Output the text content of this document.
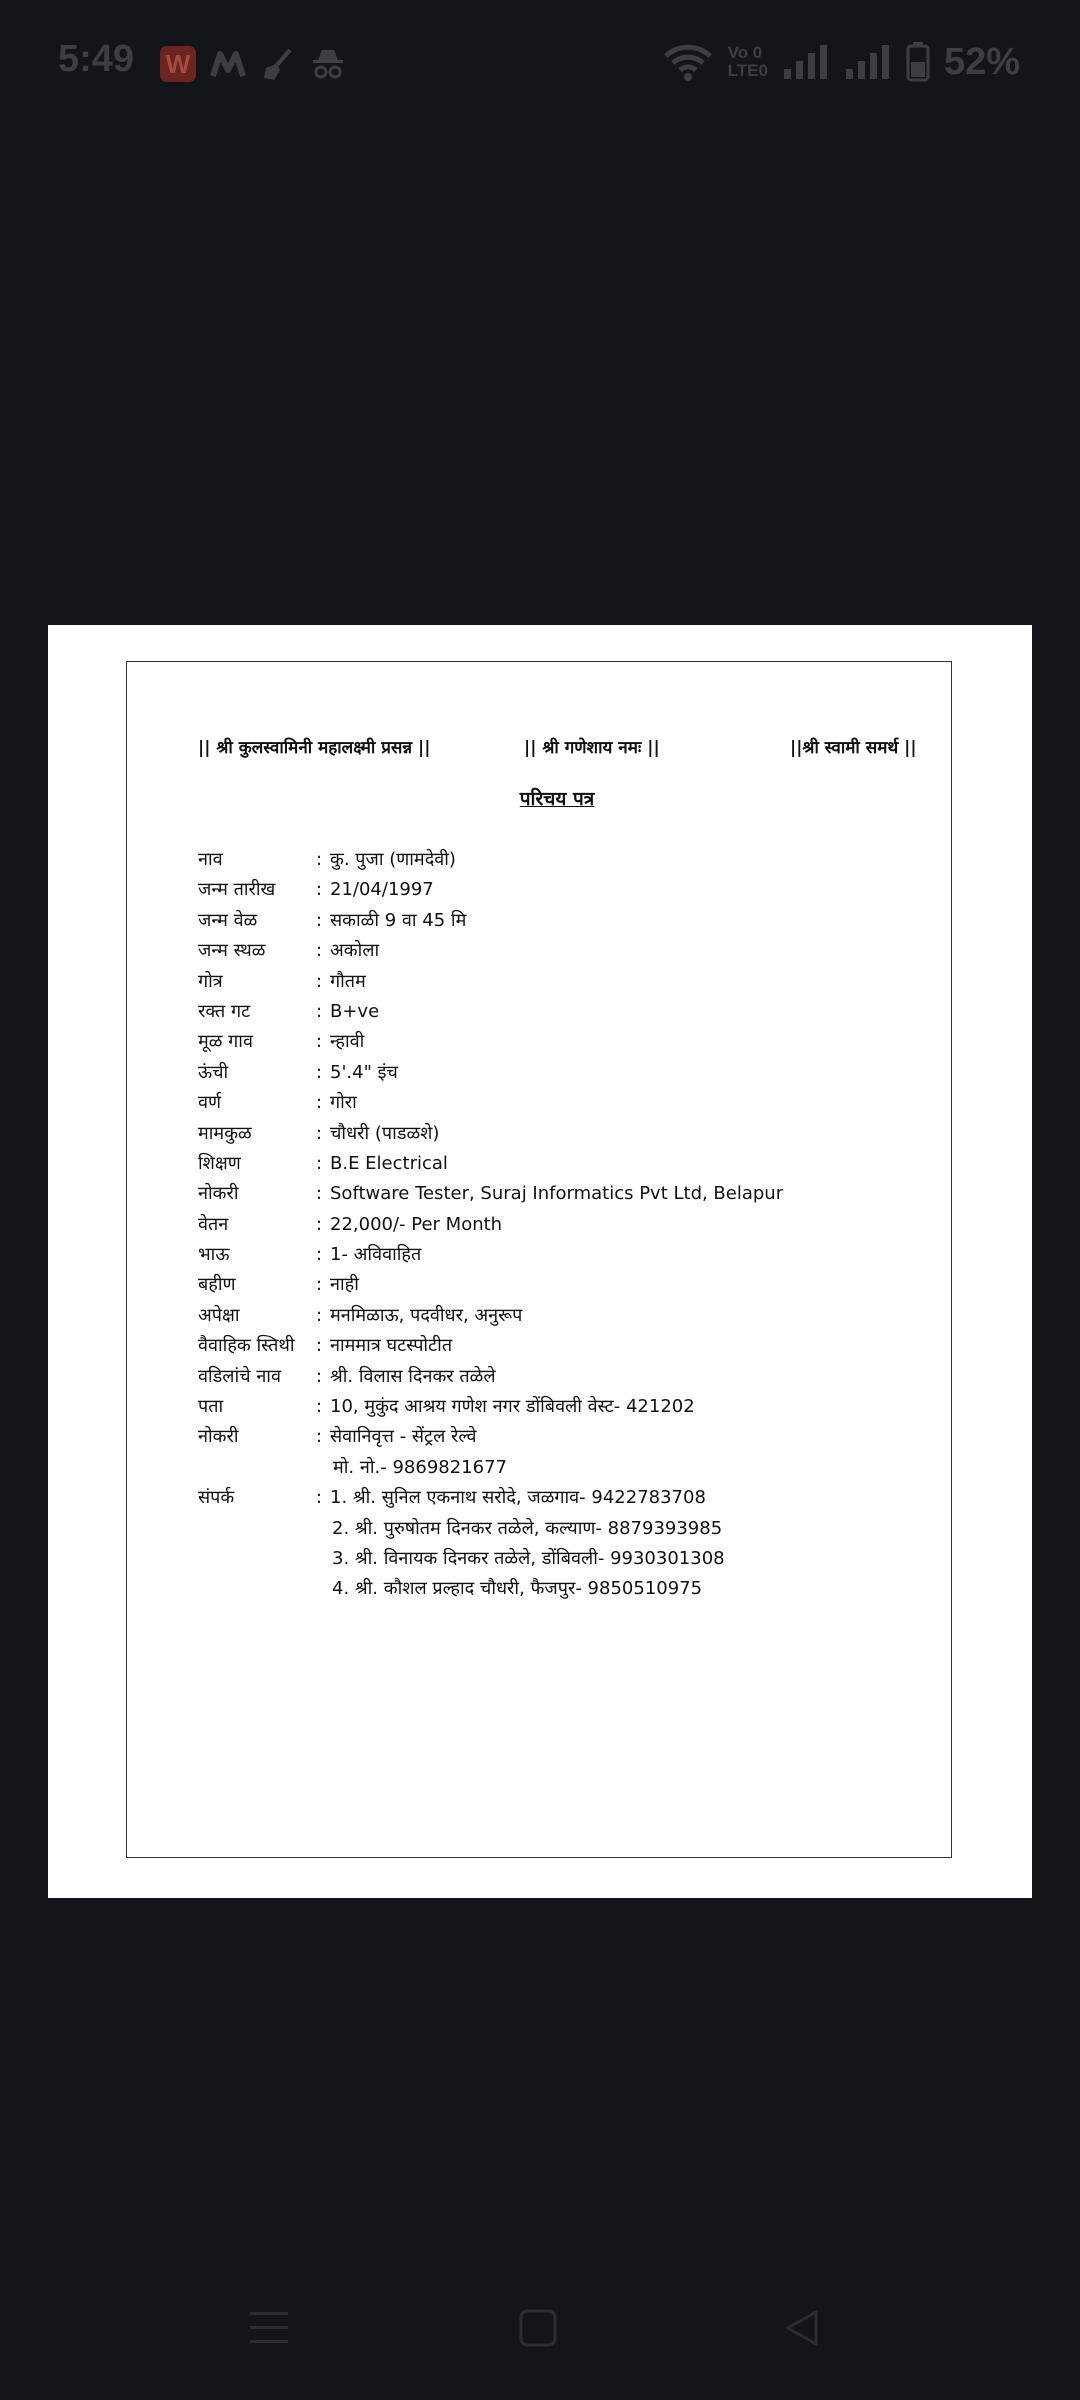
5:49 W	Vo 0
LTE0	52%
|| श्री कुलस्वामिनी महालक्ष्मी प्रसन्न ||	|| श्री गणेशाय नमः ||	||श्री स्वामी समर्थ ||
परिचय पत्र
नाव	: कु. पुजा (णामदेवी)
जन्म तारीख	: 21/04/1997
जन्म वेळ	: सकाळी 9 वा 45 मि
जन्म स्थळ	: अकोला
गोत्र	: गौतम
रक्त गट	: B+ve
मूळ गाव	: न्हावी
ऊंची	: 5'.4" इंच
वर्ण	: गोरा
मामकुळ	: चौधरी (पाडळशे)
शिक्षण	: B.E Electrical
नोकरी	: Software Tester, Suraj Informatics Pvt Ltd, Belapur
वेतन	: 22,000/- Per Month
भाऊ	: 1- अविवाहित
बहीण	: नाही
अपेक्षा	: मनमिळाऊ, पदवीधर, अनुरूप
वैवाहिक स्तिथी	: नाममात्र घटस्पोटीत
वडिलांचे नाव	: श्री. विलास दिनकर तळेले
पता	: 10, मुकुंद आश्रय गणेश नगर डोंबिवली वेस्ट- 421202
नोकरी	: सेवानिवृत्त - सेंट्रल रेल्वे
मो. नो.- 9869821677
संपर्क	: 1. श्री. सुनिल एकनाथ सरोदे, जळगाव- 9422783708
2. श्री. पुरुषोतम दिनकर तळेले, कल्याण- 8879393985
3. श्री. विनायक दिनकर तळेले, डोंबिवली- 9930301308
4. श्री. कौशल प्रल्हाद चौधरी, फैजपुर- 9850510975
